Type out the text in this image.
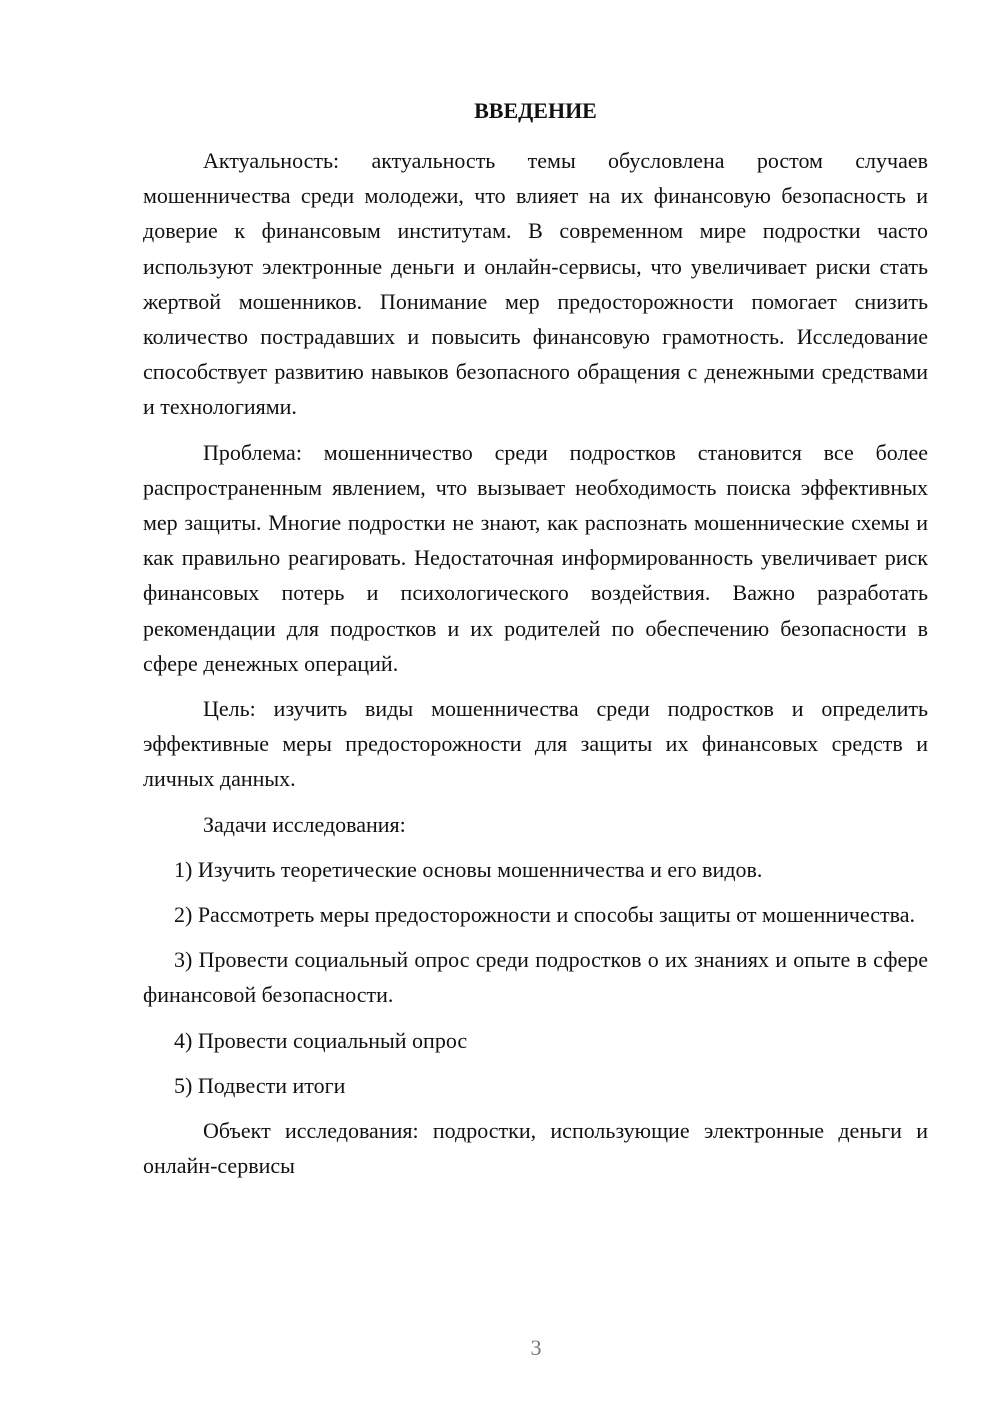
ВВЕДЕНИЕ

Актуальность: актуальность темы обусловлена ростом случаев мошенничества среди молодежи, что влияет на их финансовую безопасность и доверие к финансовым институтам. В современном мире подростки часто используют электронные деньги и онлайн-сервисы, что увеличивает риски стать жертвой мошенников. Понимание мер предосторожности помогает снизить количество пострадавших и повысить финансовую грамотность. Исследование способствует развитию навыков безопасного обращения с денежными средствами и технологиями.

Проблема: мошенничество среди подростков становится все более распространенным явлением, что вызывает необходимость поиска эффективных мер защиты. Многие подростки не знают, как распознать мошеннические схемы и как правильно реагировать. Недостаточная информированность увеличивает риск финансовых потерь и психологического воздействия. Важно разработать рекомендации для подростков и их родителей по обеспечению безопасности в сфере денежных операций.

Цель: изучить виды мошенничества среди подростков и определить эффективные меры предосторожности для защиты их финансовых средств и личных данных.

Задачи исследования:

1) Изучить теоретические основы мошенничества и его видов.

2) Рассмотреть меры предосторожности и способы защиты от мошенничества.

3) Провести социальный опрос среди подростков о их знаниях и опыте в сфере финансовой безопасности.

4) Провести социальный опрос

5) Подвести итоги

Объект исследования: подростки, использующие электронные деньги и онлайн-сервисы

3
